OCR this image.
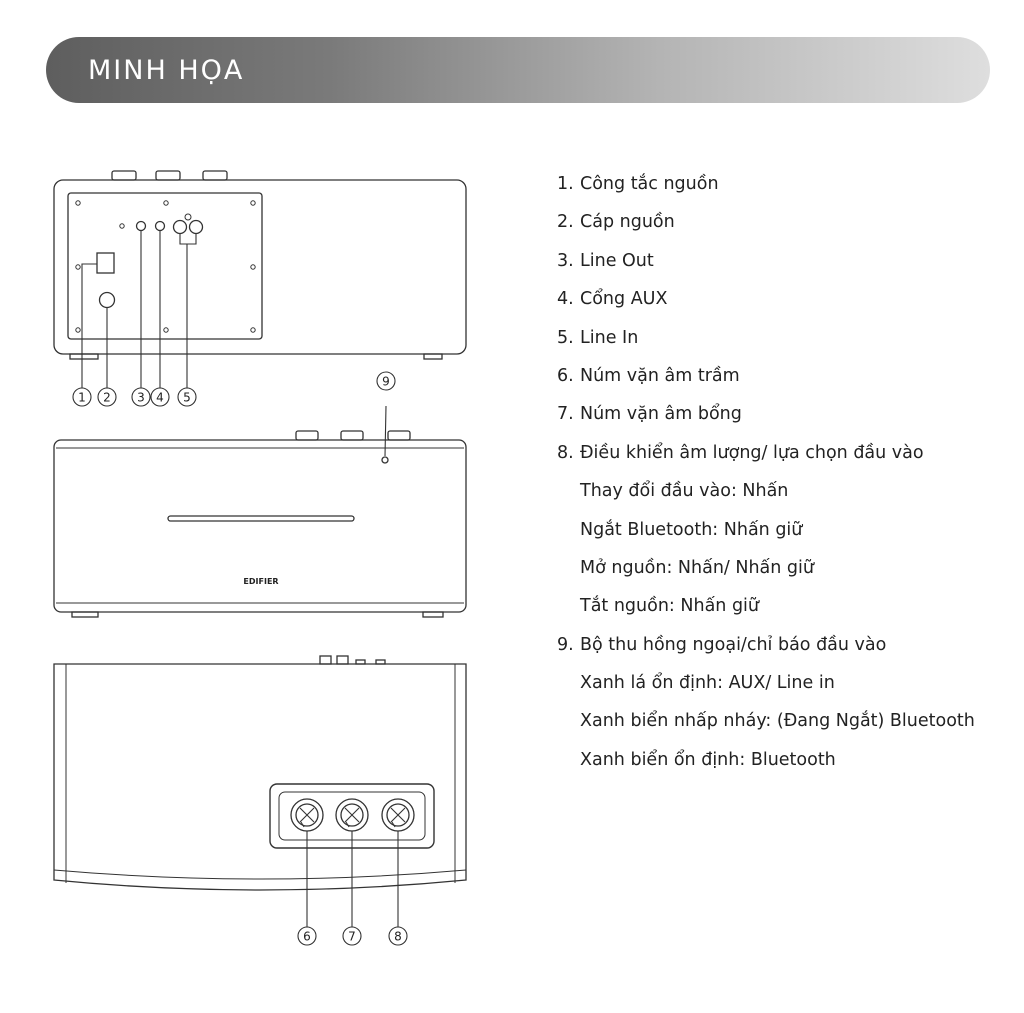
MINH HỌA
EDIFIER
1 2 3 4 5
6	7	8
9
1. Công tắc nguồn
2. Cáp nguồn
3. Line Out
4. Cổng AUX
5. Line In
6. Núm vặn âm trầm
7. Núm vặn âm bổng
8. Điều khiển âm lượng/ lựa chọn đầu vào
Thay đổi đầu vào: Nhấn
Ngắt Bluetooth: Nhấn giữ
Mở nguồn: Nhấn/ Nhấn giữ
Tắt nguồn: Nhấn giữ
9. Bộ thu hồng ngoại/chỉ báo đầu vào
Xanh lá ổn định: AUX/ Line in
Xanh biển nhấp nháy: (Đang Ngắt) Bluetooth
Xanh biển ổn định: Bluetooth
